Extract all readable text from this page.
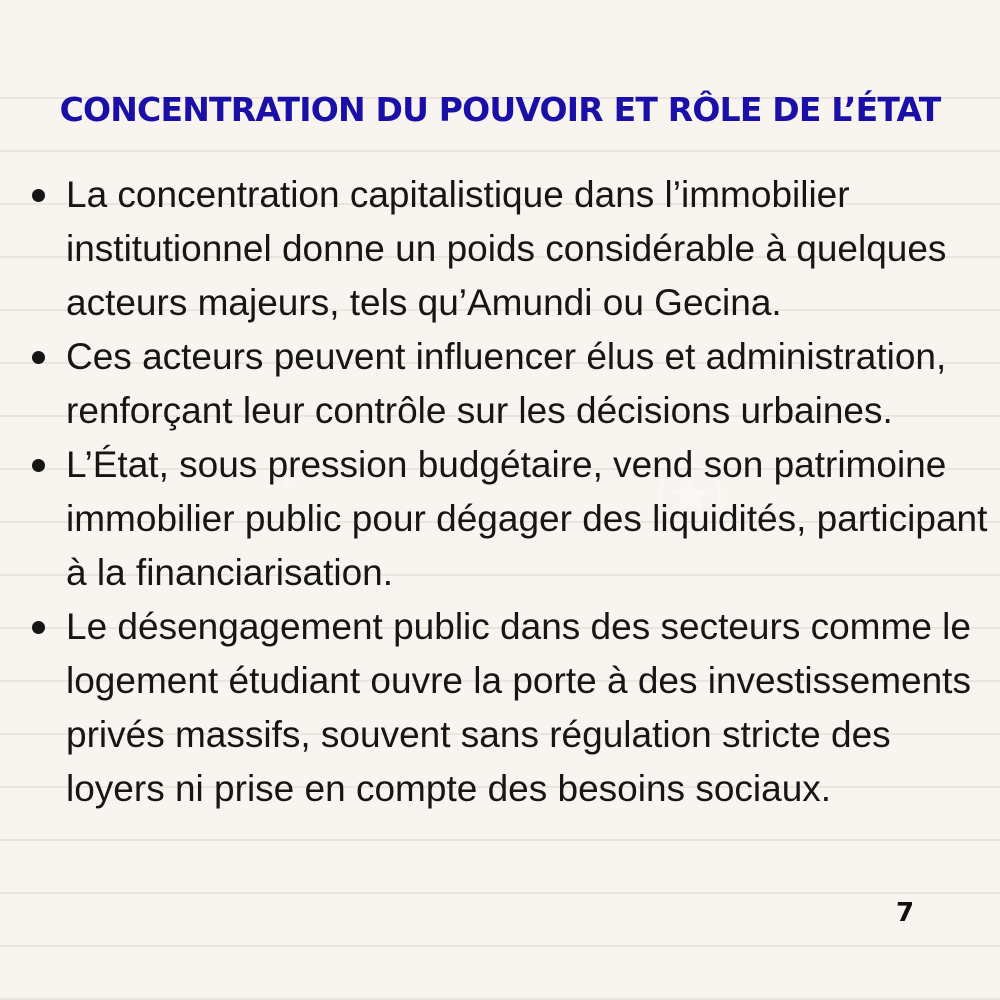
CONCENTRATION DU POUVOIR ET RÔLE DE L’ÉTAT
La concentration capitalistique dans l’immobilier institutionnel donne un poids considérable à quelques acteurs majeurs, tels qu’Amundi ou Gecina.
Ces acteurs peuvent influencer élus et administration, renforçant leur contrôle sur les décisions urbaines.
L’État, sous pression budgétaire, vend son patrimoine immobilier public pour dégager des liquidités, participant à la financiarisation.
Le désengagement public dans des secteurs comme le logement étudiant ouvre la porte à des investissements privés massifs, souvent sans régulation stricte des loyers ni prise en compte des besoins sociaux.
7
